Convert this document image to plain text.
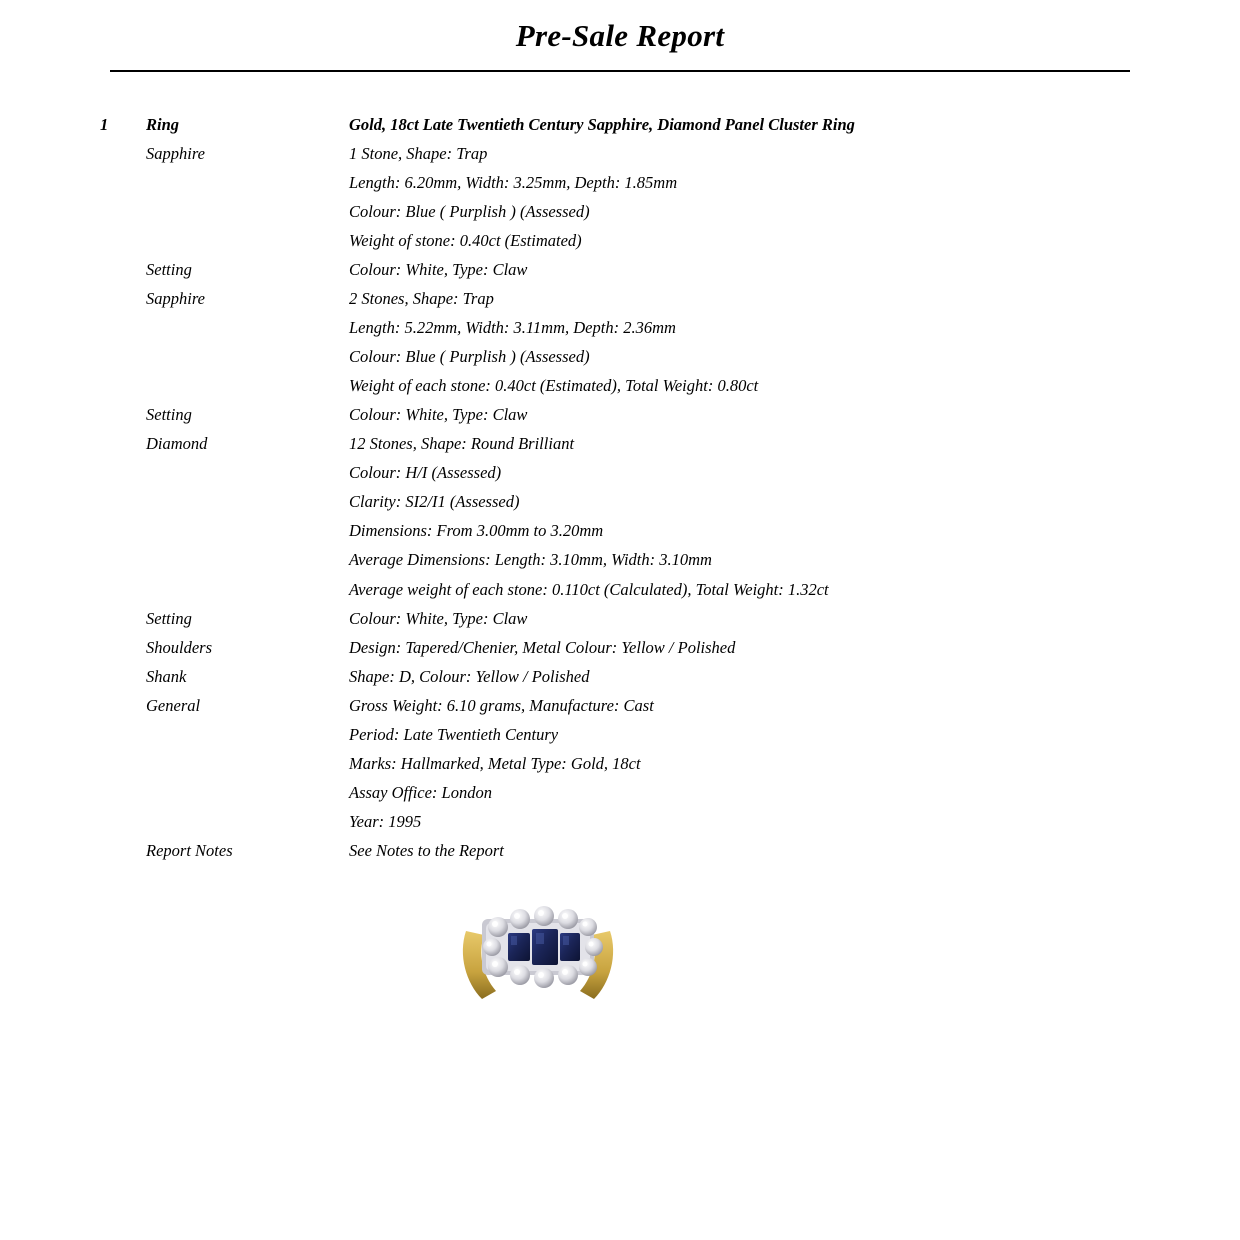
Pre-Sale Report
1	Ring	Gold, 18ct Late Twentieth Century Sapphire, Diamond Panel Cluster Ring
	Sapphire	1 Stone, Shape: Trap
		Length: 6.20mm, Width: 3.25mm, Depth: 1.85mm
		Colour: Blue ( Purplish ) (Assessed)
		Weight of stone: 0.40ct (Estimated)
	Setting	Colour: White, Type: Claw
	Sapphire	2 Stones, Shape: Trap
		Length: 5.22mm, Width: 3.11mm, Depth: 2.36mm
		Colour: Blue ( Purplish ) (Assessed)
		Weight of each stone: 0.40ct (Estimated), Total Weight: 0.80ct
	Setting	Colour: White, Type: Claw
	Diamond	12 Stones, Shape: Round Brilliant
		Colour: H/I (Assessed)
		Clarity: SI2/I1 (Assessed)
		Dimensions: From 3.00mm to 3.20mm
		Average Dimensions: Length: 3.10mm, Width: 3.10mm
		Average weight of each stone: 0.110ct (Calculated), Total Weight: 1.32ct
	Setting	Colour: White, Type: Claw
	Shoulders	Design: Tapered/Chenier, Metal Colour: Yellow / Polished
	Shank	Shape: D, Colour: Yellow / Polished
	General	Gross Weight: 6.10 grams, Manufacture: Cast
		Period: Late Twentieth Century
		Marks: Hallmarked, Metal Type: Gold, 18ct
		Assay Office: London
		Year: 1995
	Report Notes	See Notes to the Report
